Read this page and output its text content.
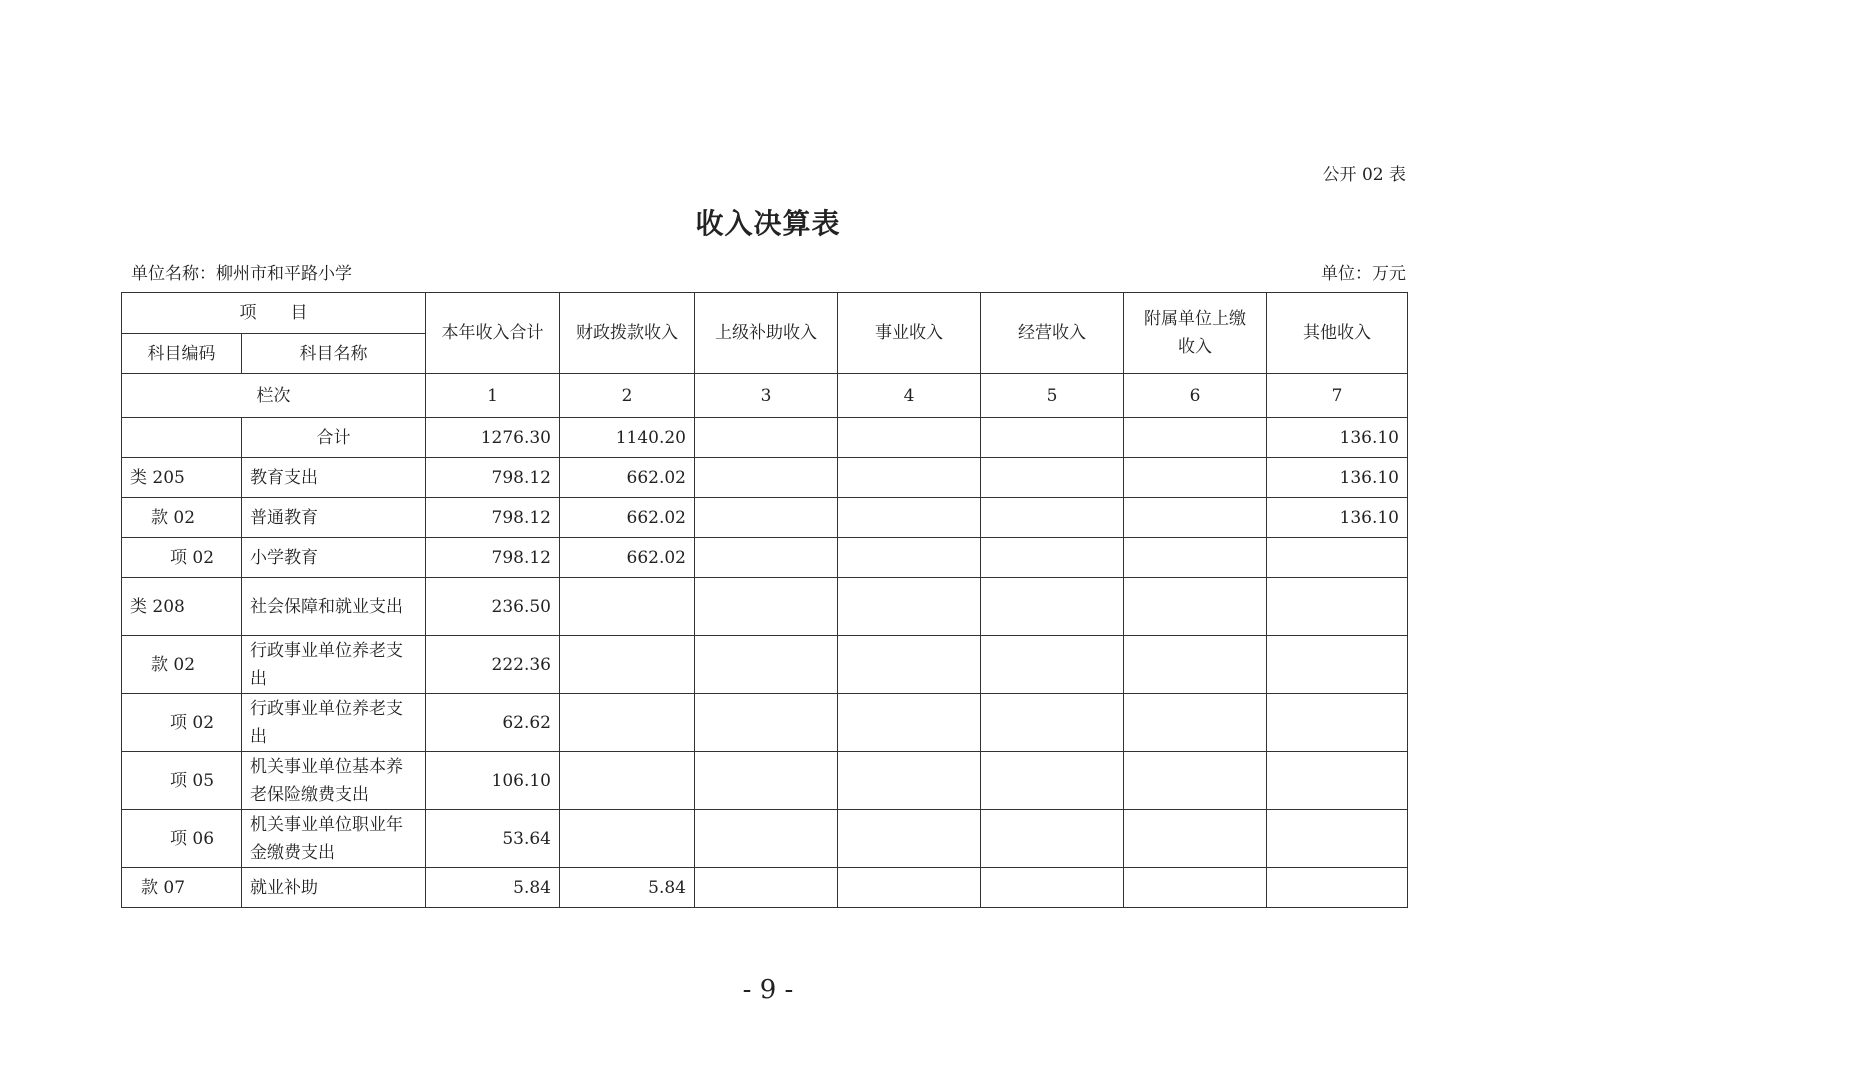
公开 02 表
收入决算表
单位名称：柳州市和平路小学	单位：万元
项　　目		本年收入合计	财政拨款收入	上级补助收入	事业收入	经营收入	附属单位上缴收入	其他收入
科目编码	科目名称							
栏次		1	2	3	4	5	6	7
	合计	1276.30	1140.20					136.10
类 205	教育支出	798.12	662.02					136.10
款 02	普通教育	798.12	662.02					136.10
项 02	小学教育	798.12	662.02					
类 208	社会保障和就业支出	236.50						
款 02	行政事业单位养老支出	222.36						
项 02	行政事业单位养老支出	62.62						
项 05	机关事业单位基本养老保险缴费支出	106.10						
项 06	机关事业单位职业年金缴费支出	53.64						
款 07	就业补助	5.84	5.84					
- 9 -
